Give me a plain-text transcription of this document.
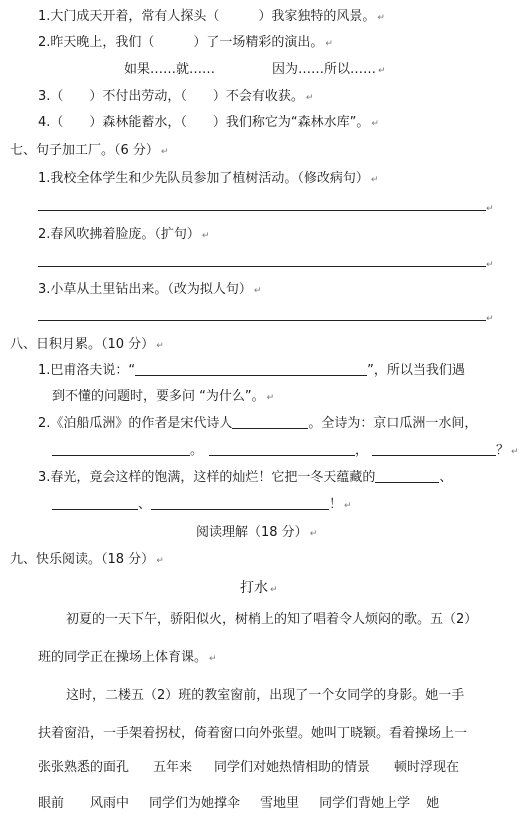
1.大门成天开着，常有人探头（　　　）我家独特的风景。 ↵
2.昨天晚上，我们（　　　）了一场精彩的演出。 ↵
如果……就……	因为……所以…… ↵
3.（　　）不付出劳动，（　　）不会有收获。 ↵
4.（　　）森林能蓄水，（　　）我们称它为“森林水库”。 ↵
七、句子加工厂。（6 分） ↵
1.我校全体学生和少先队员参加了植树活动。（修改病句） ↵
↵
2.春风吹拂着脸庞。（扩句） ↵
↵
3.小草从土里钻出来。（改为拟人句） ↵
↵
八、日积月累。（10 分） ↵
1.巴甫洛夫说：“	”，所以当我们遇
到不懂的问题时，要多问 “为什么”。 ↵
2.《泊船瓜洲》的作者是宋代诗人	。全诗为：京口瓜洲一水间，
。	，	？ ↵
3.春光，竟会这样的饱满，这样的灿烂！它把一冬天蕴藏的	、
、	！ ↵
阅读理解（18 分） ↵
九、快乐阅读。（18 分） ↵
打水 ↵
初夏的一天下午，骄阳似火，树梢上的知了唱着令人烦闷的歌。五（2）
班的同学正在操场上体育课。 ↵
这时，二楼五（2）班的教室窗前，出现了一个女同学的身影。她一手
扶着窗沿，一手架着拐杖，倚着窗口向外张望。她叫丁晓颖。看着操场上一
张张熟悉的面孔 五年来 同学们对她热情相助的情景 顿时浮现在
眼前 风雨中 同学们为她撑伞 雪地里 同学们背她上学 她
